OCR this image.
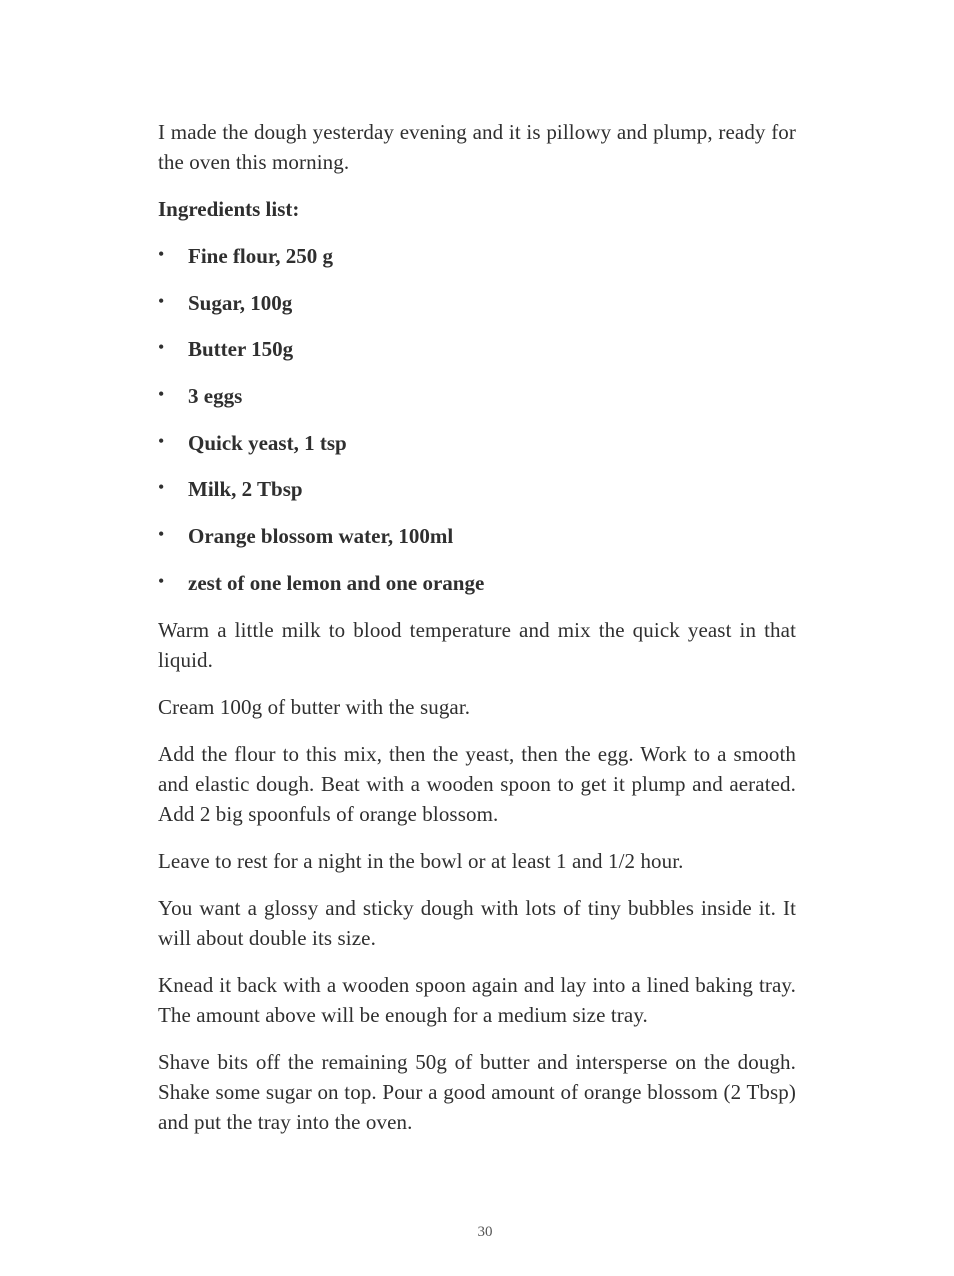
I made the dough yesterday evening and it is pillowy and plump, ready for the oven this morning.

Ingredients list:

• Fine flour, 250 g
• Sugar, 100g
• Butter 150g
• 3 eggs
• Quick yeast, 1 tsp
• Milk, 2 Tbsp
• Orange blossom water, 100ml
• zest of one lemon and one orange

Warm a little milk to blood temperature and mix the quick yeast in that liquid.

Cream 100g of butter with the sugar.

Add the flour to this mix, then the yeast, then the egg. Work to a smooth and elastic dough. Beat with a wooden spoon to get it plump and aerated. Add 2 big spoonfuls of orange blossom.

Leave to rest for a night in the bowl or at least 1 and 1/2 hour.

You want a glossy and sticky dough with lots of tiny bubbles inside it. It will about double its size.

Knead it back with a wooden spoon again and lay into a lined baking tray. The amount above will be enough for a medium size tray.

Shave bits off the remaining 50g of butter and intersperse on the dough. Shake some sugar on top. Pour a good amount of orange blossom (2 Tbsp) and put the tray into the oven.

30
